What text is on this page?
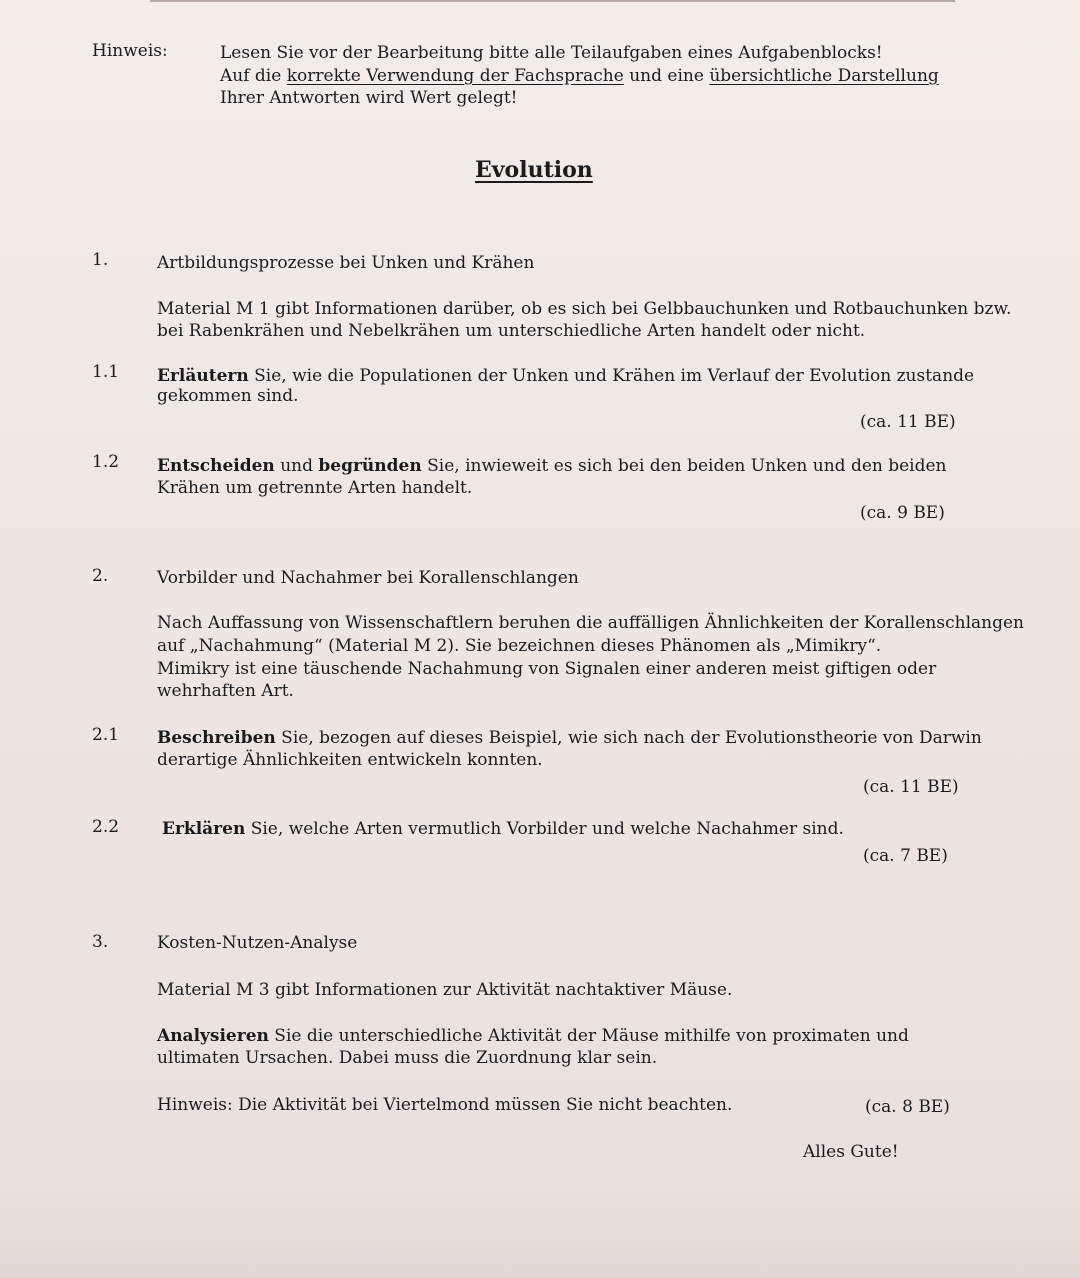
Hinweis:	Lesen Sie vor der Bearbeitung bitte alle Teilaufgaben eines Aufgabenblocks!
Auf die korrekte Verwendung der Fachsprache und eine übersichtliche Darstellung
Ihrer Antworten wird Wert gelegt!
Evolution
1.	Artbildungsprozesse bei Unken und Krähen
Material M 1 gibt Informationen darüber, ob es sich bei Gelbbauchunken und Rotbauchunken bzw.
bei Rabenkrähen und Nebelkrähen um unterschiedliche Arten handelt oder nicht.
1.1 Erläutern Sie, wie die Populationen der Unken und Krähen im Verlauf der Evolution zustande
gekommen sind.
(ca. 11 BE)
1.2 Entscheiden und begründen Sie, inwieweit es sich bei den beiden Unken und den beiden
Krähen um getrennte Arten handelt.
(ca. 9 BE)
2.	Vorbilder und Nachahmer bei Korallenschlangen
Nach Auffassung von Wissenschaftlern beruhen die auffälligen Ähnlichkeiten der Korallenschlangen
auf „Nachahmung“ (Material M 2). Sie bezeichnen dieses Phänomen als „Mimikry“.
Mimikry ist eine täuschende Nachahmung von Signalen einer anderen meist giftigen oder
wehrhaften Art.
2.1 Beschreiben Sie, bezogen auf dieses Beispiel, wie sich nach der Evolutionstheorie von Darwin
derartige Ähnlichkeiten entwickeln konnten.
(ca. 11 BE)
2.2	Erklären Sie, welche Arten vermutlich Vorbilder und welche Nachahmer sind.
(ca. 7 BE)
3.	Kosten-Nutzen-Analyse
Material M 3 gibt Informationen zur Aktivität nachtaktiver Mäuse.
Analysieren Sie die unterschiedliche Aktivität der Mäuse mithilfe von proximaten und
ultimaten Ursachen. Dabei muss die Zuordnung klar sein.
Hinweis: Die Aktivität bei Viertelmond müssen Sie nicht beachten.	(ca. 8 BE)
Alles Gute!
